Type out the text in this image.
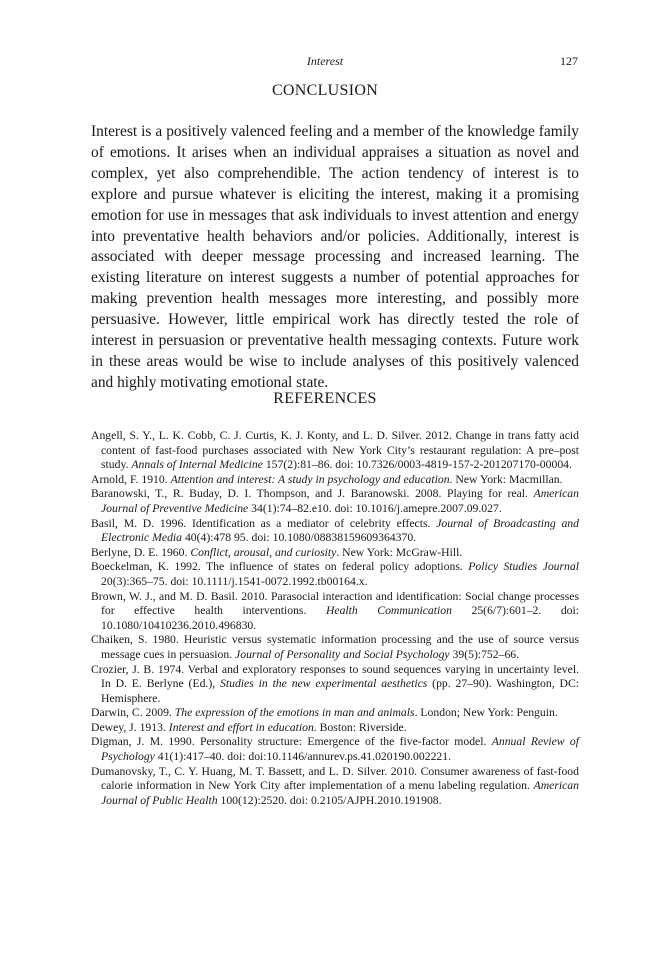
Interest	127
CONCLUSION

Interest is a positively valenced feeling and a member of the knowledge family of emotions. It arises when an individual appraises a situation as novel and complex, yet also comprehendible. The action tendency of interest is to explore and pursue whatever is eliciting the interest, making it a promising emotion for use in messages that ask individuals to invest attention and energy into preventative health behaviors and/or policies. Additionally, interest is associated with deeper message processing and increased learning. The existing literature on interest suggests a number of potential approaches for making prevention health messages more interesting, and possibly more persuasive. However, little empirical work has directly tested the role of interest in persuasion or preventative health messaging contexts. Future work in these areas would be wise to include analyses of this positively valenced and highly motivating emotional state.

REFERENCES
Angell, S. Y., L. K. Cobb, C. J. Curtis, K. J. Konty, and L. D. Silver. 2012. Change in trans fatty acid content of fast-food purchases associated with New York City’s restaurant regulation: A pre–post study. Annals of Internal Medicine 157(2):81–86. doi: 10.7326/0003-4819-157-2-201207170-00004.
Arnold, F. 1910. Attention and interest: A study in psychology and education. New York: Macmillan.
Baranowski, T., R. Buday, D. I. Thompson, and J. Baranowski. 2008. Playing for real. American Journal of Preventive Medicine 34(1):74–82.e10. doi: 10.1016/j.amepre.2007.09.027.
Basil, M. D. 1996. Identification as a mediator of celebrity effects. Journal of Broadcasting and Electronic Media 40(4):478 95. doi: 10.1080/08838159609364370.
Berlyne, D. E. 1960. Conflict, arousal, and curiosity. New York: McGraw-Hill.
Boeckelman, K. 1992. The influence of states on federal policy adoptions. Policy Studies Journal 20(3):365–75. doi: 10.1111/j.1541-0072.1992.tb00164.x.
Brown, W. J., and M. D. Basil. 2010. Parasocial interaction and identification: Social change processes for effective health interventions. Health Communication 25(6/7):601–2. doi: 10.1080/10410236.2010.496830.
Chaiken, S. 1980. Heuristic versus systematic information processing and the use of source versus message cues in persuasion. Journal of Personality and Social Psychology 39(5):752–66.
Crozier, J. B. 1974. Verbal and exploratory responses to sound sequences varying in uncertainty level. In D. E. Berlyne (Ed.), Studies in the new experimental aesthetics (pp. 27–90). Washington, DC: Hemisphere.
Darwin, C. 2009. The expression of the emotions in man and animals. London; New York: Penguin.
Dewey, J. 1913. Interest and effort in education. Boston: Riverside.
Digman, J. M. 1990. Personality structure: Emergence of the five-factor model. Annual Review of Psychology 41(1):417–40. doi: doi:10.1146/annurev.ps.41.020190.002221.
Dumanovsky, T., C. Y. Huang, M. T. Bassett, and L. D. Silver. 2010. Consumer awareness of fast-food calorie information in New York City after implementation of a menu labeling regulation. American Journal of Public Health 100(12):2520. doi: 0.2105/AJPH.2010.191908.
